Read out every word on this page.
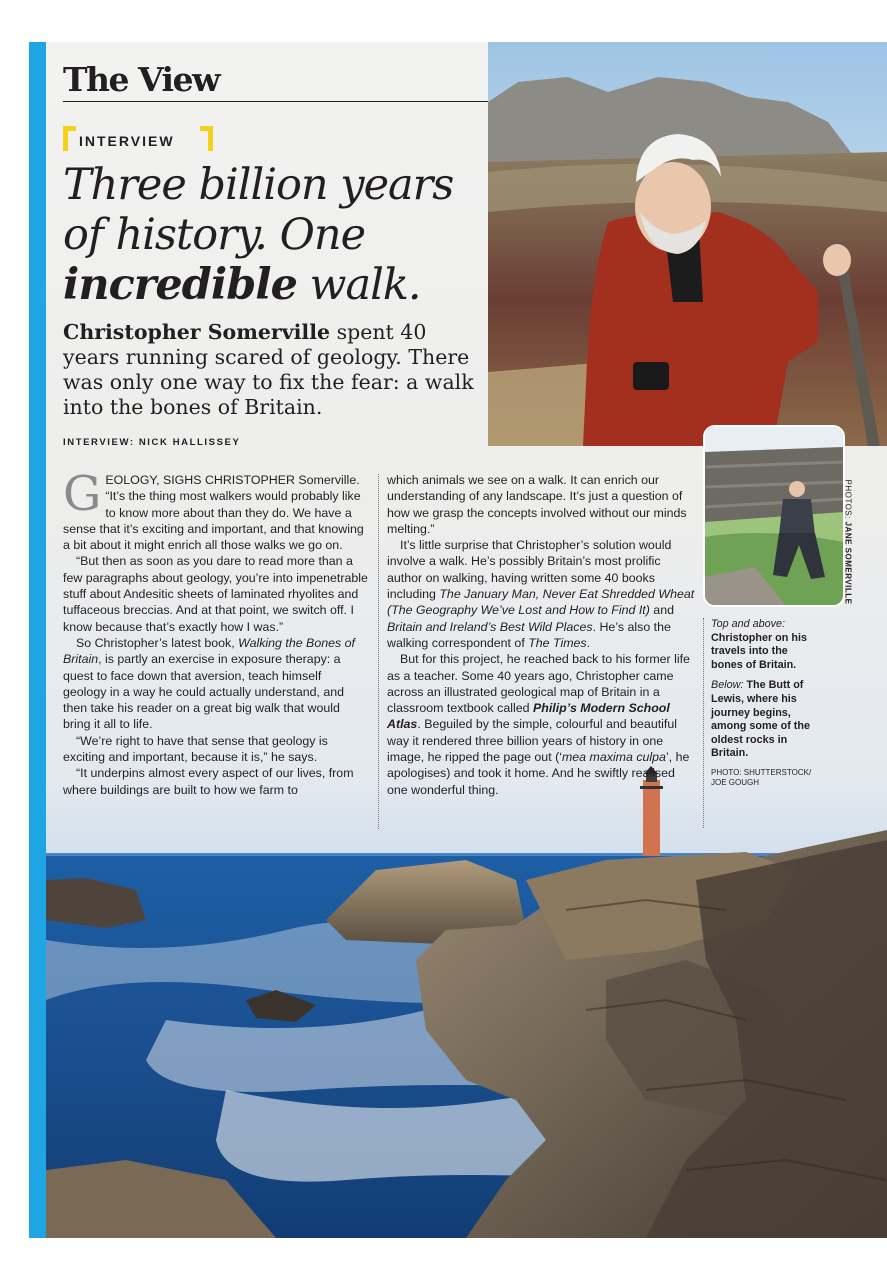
PHOTOS: JANE SOMERVILLE
The View
INTERVIEW
Three billion years
of history. One
incredible walk.

Christopher Somerville spent 40 years running scared of geology. There was only one way to fix the fear: a walk into the bones of Britain.

INTERVIEW: NICK HALLISSEY

GEOLOGY, SIGHS CHRISTOPHER Somerville. “It’s the thing most walkers would probably like to know more about than they do. We have a sense that it’s exciting and important, and that knowing a bit about it might enrich all those walks we go on.

“But then as soon as you dare to read more than a few paragraphs about geology, you’re into impenetrable stuff about Andesitic sheets of laminated rhyolites and tuffaceous breccias. And at that point, we switch off. I know because that’s exactly how I was.”

So Christopher’s latest book, Walking the Bones of Britain, is partly an exercise in exposure therapy: a quest to face down that aversion, teach himself geology in a way he could actually understand, and then take his reader on a great big walk that would bring it all to life.

“We’re right to have that sense that geology is exciting and important, because it is,” he says.

“It underpins almost every aspect of our lives, from where buildings are built to how we farm to

which animals we see on a walk. It can enrich our understanding of any landscape. It’s just a question of how we grasp the concepts involved without our minds melting.”

It’s little surprise that Christopher’s solution would involve a walk. He’s possibly Britain’s most prolific author on walking, having written some 40 books including The January Man, Never Eat Shredded Wheat (The Geography We’ve Lost and How to Find It) and Britain and Ireland’s Best Wild Places. He’s also the walking correspondent of The Times.

But for this project, he reached back to his former life as a teacher. Some 40 years ago, Christopher came across an illustrated geological map of Britain in a classroom textbook called Philip’s Modern School Atlas. Beguiled by the simple, colourful and beautiful way it rendered three billion years of history in one image, he ripped the page out (‘mea maxima culpa’, he apologises) and took it home. And he swiftly realised one wonderful thing.

Top and above:
Christopher on his travels into the bones of Britain.

Below: The Butt of Lewis, where his journey begins, among some of the oldest rocks in Britain.

PHOTO: SHUTTERSTOCK/ JOE GOUGH
